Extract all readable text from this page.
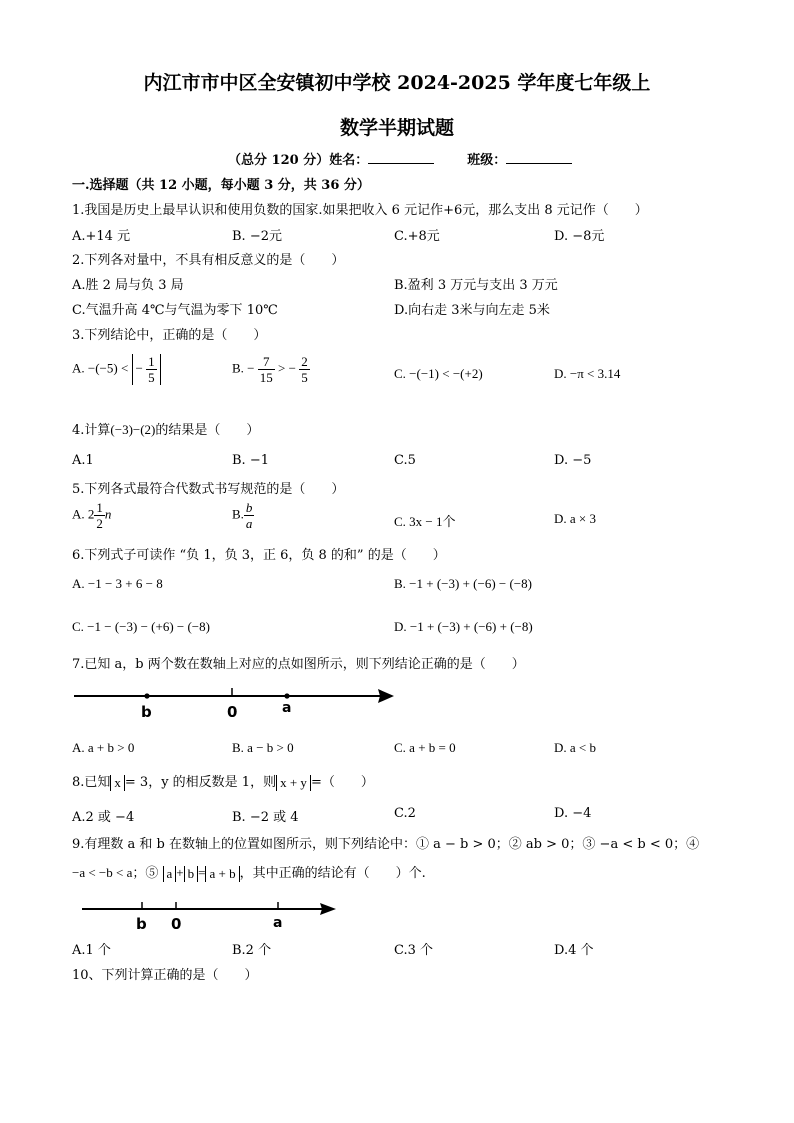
内江市市中区全安镇初中学校 2024-2025 学年度七年级上
数学半期试题
（总分 120 分）姓名：	班级：
一.选择题（共 12 小题，每小题 3 分，共 36 分）
1.我国是历史上最早认识和使用负数的国家.如果把收入 6 元记作+6元，那么支出 8 元记作（　　）
A.+14 元	B. −2元	C.+8元	D. −8元
2.下列各对量中，不具有相反意义的是（　　）
A.胜 2 局与负 3 局	B.盈利 3 万元与支出 3 万元
C.气温升高 4℃与气温为零下 10℃	D.向右走 3米与向左走 5米
3.下列结论中，正确的是（　　）
A. −(−5) < − $\frac{1}{5}$	B. − $\frac{7}{15}$ > − $\frac{2}{5}$	C. −(−1) < −(+2)	D. −π < 3.14
4.计算(−3)−(2)的结果是（　　）
A.1	B. −1	C.5	D. −5
5.下列各式最符合代数式书写规范的是（　　）
A. $2 \frac{1}{2}$ n	B. $\frac{b}{a}$	C. 3x − 1个	D. a × 3
6.下列式子可读作 “负 1，负 3，正 6，负 8 的和” 的是（　　）
A. −1 − 3 + 6 − 8	B. −1 + (−3) + (−6) − (−8)
C. −1 − (−3) − (+6) − (−8)	D. −1 + (−3) + (−6) + (−8)
7.已知 a，b 两个数在数轴上对应的点如图所示，则下列结论正确的是（　　）
b	0	a
A. a + b > 0	B. a − b > 0	C. a + b = 0	D. a < b
8.已知 x = 3，y 的相反数是 1，则 x + y =（　　）
A.2 或 −4	B. −2 或 4	C.2	D. −4
9.有理数 a 和 b 在数轴上的位置如图所示，则下列结论中：① a − b > 0；② ab > 0；③ −a < b < 0；④
−a < −b < a；⑤ a + b = a + b ，其中正确的结论有（　　）个.
b 0	a
A.1 个	B.2 个	C.3 个	D.4 个
10、下列计算正确的是（　　）
